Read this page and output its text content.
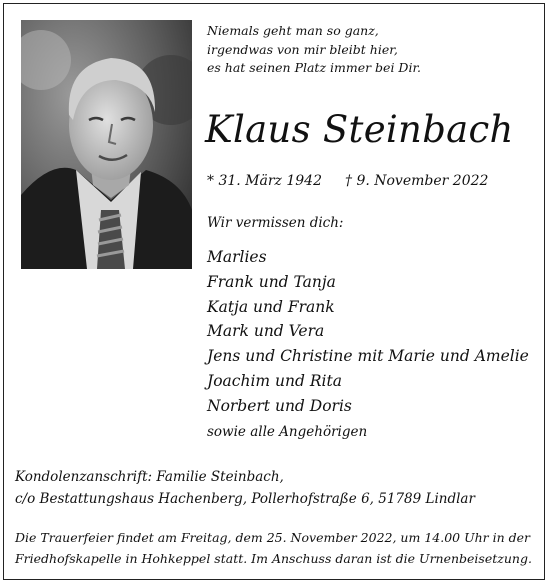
Niemals geht man so ganz,
irgendwas von mir bleibt hier,
es hat seinen Platz immer bei Dir.
Klaus Steinbach
* 31. März 1942 † 9. November 2022
Wir vermissen dich:
Marlies
Frank und Tanja
Katja und Frank
Mark und Vera
Jens und Christine mit Marie und Amelie
Joachim und Rita
Norbert und Doris
sowie alle Angehörigen
Kondolenzanschrift: Familie Steinbach,
c/o Bestattungshaus Hachenberg, Pollerhofstraße 6, 51789 Lindlar
Die Trauerfeier findet am Freitag, dem 25. November 2022, um 14.00 Uhr in der
Friedhofskapelle in Hohkeppel statt. Im Anschuss daran ist die Urnenbeisetzung.
